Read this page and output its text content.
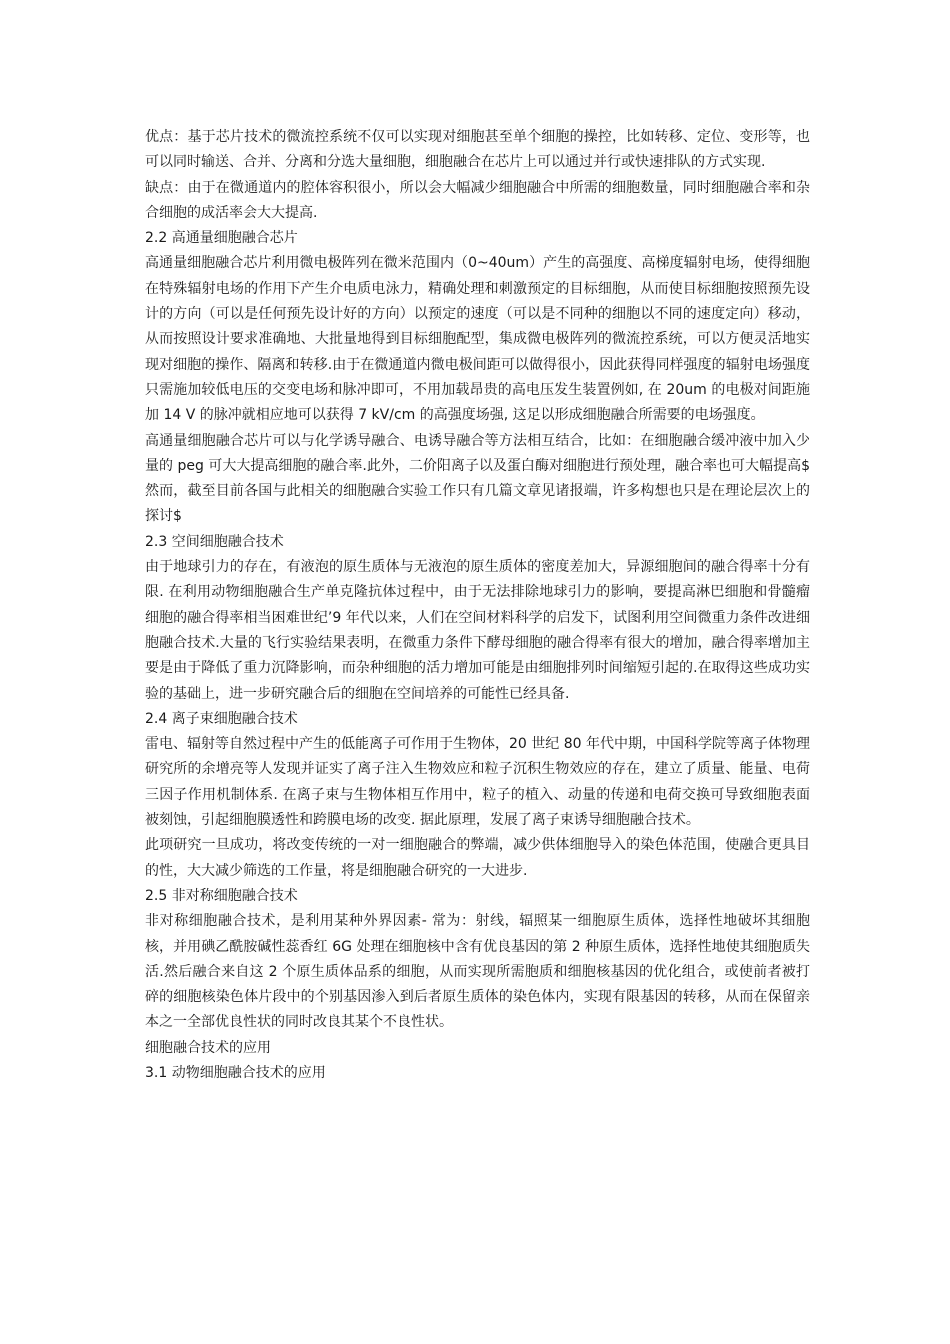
优点：基于芯片技术的微流控系统不仅可以实现对细胞甚至单个细胞的操控，比如转移、定位、变形等，也可以同时输送、合并、分离和分选大量细胞，细胞融合在芯片上可以通过并行或快速排队的方式实现.

缺点：由于在微通道内的腔体容积很小，所以会大幅减少细胞融合中所需的细胞数量，同时细胞融合率和杂合细胞的成活率会大大提高.

2.2 高通量细胞融合芯片

高通量细胞融合芯片利用微电极阵列在微米范围内（0~40um）产生的高强度、高梯度辐射电场，使得细胞在特殊辐射电场的作用下产生介电质电泳力，精确处理和刺激预定的目标细胞，从而使目标细胞按照预先设计的方向（可以是任何预先设计好的方向）以预定的速度（可以是不同种的细胞以不同的速度定向）移动，从而按照设计要求准确地、大批量地得到目标细胞配型，集成微电极阵列的微流控系统，可以方便灵活地实现对细胞的操作、隔离和转移.由于在微通道内微电极间距可以做得很小，因此获得同样强度的辐射电场强度只需施加较低电压的交变电场和脉冲即可，不用加载昂贵的高电压发生装置例如, 在 20um 的电极对间距施加 14 V 的脉冲就相应地可以获得 7 kV/cm 的高强度场强, 这足以形成细胞融合所需要的电场强度。

高通量细胞融合芯片可以与化学诱导融合、电诱导融合等方法相互结合，比如：在细胞融合缓冲液中加入少量的 peg 可大大提高细胞的融合率.此外，二价阳离子以及蛋白酶对细胞进行预处理，融合率也可大幅提高$ 然而，截至目前各国与此相关的细胞融合实验工作只有几篇文章见诸报端，许多构想也只是在理论层次上的探讨$

2.3 空间细胞融合技术

由于地球引力的存在，有液泡的原生质体与无液泡的原生质体的密度差加大，异源细胞间的融合得率十分有限. 在利用动物细胞融合生产单克隆抗体过程中，由于无法排除地球引力的影响，要提高淋巴细胞和骨髓瘤细胞的融合得率相当困难世纪’9 年代以来，人们在空间材料科学的启发下，试图利用空间微重力条件改进细胞融合技术.大量的飞行实验结果表明，在微重力条件下酵母细胞的融合得率有很大的增加，融合得率增加主要是由于降低了重力沉降影响，而杂种细胞的活力增加可能是由细胞排列时间缩短引起的.在取得这些成功实验的基础上，进一步研究融合后的细胞在空间培养的可能性已经具备.

2.4 离子束细胞融合技术

雷电、辐射等自然过程中产生的低能离子可作用于生物体，20 世纪 80 年代中期，中国科学院等离子体物理研究所的余增亮等人发现并证实了离子注入生物效应和粒子沉积生物效应的存在，建立了质量、能量、电荷三因子作用机制体系. 在离子束与生物体相互作用中，粒子的植入、动量的传递和电荷交换可导致细胞表面被刻蚀，引起细胞膜透性和跨膜电场的改变. 据此原理，发展了离子束诱导细胞融合技术。

此项研究一旦成功，将改变传统的一对一细胞融合的弊端，减少供体细胞导入的染色体范围，使融合更具目的性，大大减少筛选的工作量，将是细胞融合研究的一大进步.

2.5 非对称细胞融合技术

非对称细胞融合技术，是利用某种外界因素- 常为：射线，辐照某一细胞原生质体，选择性地破坏其细胞核，并用碘乙酰胺碱性蕊香红 6G 处理在细胞核中含有优良基因的第 2 种原生质体，选择性地使其细胞质失活.然后融合来自这 2 个原生质体品系的细胞，从而实现所需胞质和细胞核基因的优化组合，或使前者被打碎的细胞核染色体片段中的个别基因渗入到后者原生质体的染色体内，实现有限基因的转移，从而在保留亲本之一全部优良性状的同时改良其某个不良性状。

细胞融合技术的应用

3.1 动物细胞融合技术的应用
